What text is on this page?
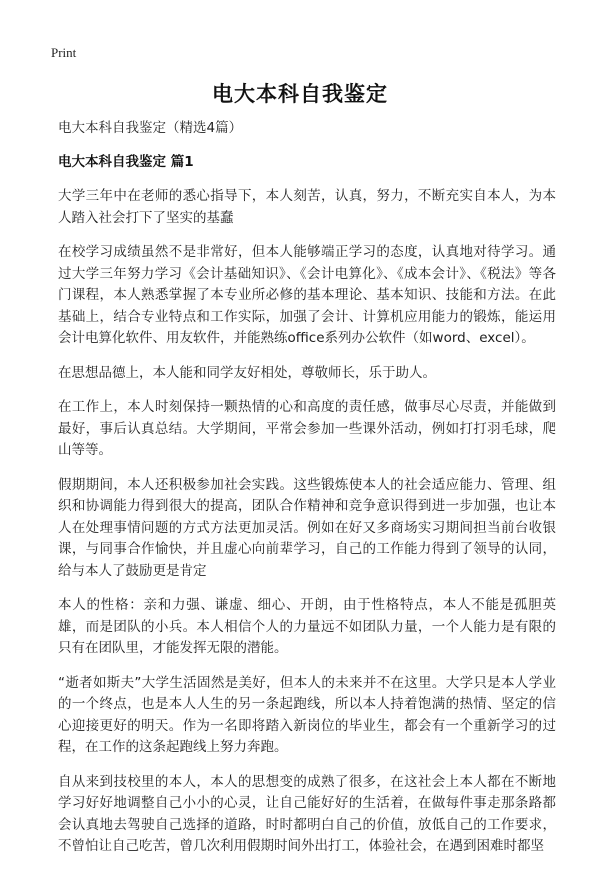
Print
电大本科自我鉴定
电大本科自我鉴定（精选4篇）
电大本科自我鉴定 篇1

大学三年中在老师的悉心指导下，本人刻苦，认真，努力，不断充实自本人，为本人踏入社会打下了坚实的基蠢

在校学习成绩虽然不是非常好，但本人能够端正学习的态度，认真地对待学习。通过大学三年努力学习《会计基础知识》、《会计电算化》、《成本会计》、《税法》等各门课程，本人熟悉掌握了本专业所必修的基本理论、基本知识、技能和方法。在此基础上，结合专业特点和工作实际，加强了会计、计算机应用能力的锻炼，能运用会计电算化软件、用友软件，并能熟练office系列办公软件（如word、excel）。

在思想品德上，本人能和同学友好相处，尊敬师长，乐于助人。

在工作上，本人时刻保持一颗热情的心和高度的责任感，做事尽心尽责，并能做到最好，事后认真总结。大学期间，平常会参加一些课外活动，例如打打羽毛球，爬山等等。

假期期间，本人还积极参加社会实践。这些锻炼使本人的社会适应能力、管理、组织和协调能力得到很大的提高，团队合作精神和竞争意识得到进一步加强，也让本人在处理事情问题的方式方法更加灵活。例如在好又多商场实习期间担当前台收银课，与同事合作愉快，并且虚心向前辈学习，自己的工作能力得到了领导的认同，给与本人了鼓励更是肯定

本人的性格：亲和力强、谦虚、细心、开朗，由于性格特点，本人不能是孤胆英雄，而是团队的小兵。本人相信个人的力量远不如团队力量，一个人能力是有限的只有在团队里，才能发挥无限的潜能。

“逝者如斯夫”大学生活固然是美好，但本人的未来并不在这里。大学只是本人学业的一个终点，也是本人人生的另一条起跑线，所以本人持着饱满的热情、坚定的信心迎接更好的明天。作为一名即将踏入新岗位的毕业生，都会有一个重新学习的过程，在工作的这条起跑线上努力奔跑。

自从来到技校里的本人，本人的思想变的成熟了很多，在这社会上本人都在不断地学习好好地调整自己小小的心灵，让自己能好好的生活着，在做每件事走那条路都会认真地去驾驶自己选择的道路，时时都明白自己的价值，放低自己的工作要求，不曾怕让自己吃苦，曾几次利用假期时间外出打工，体验社会，在遇到困难时都坚
